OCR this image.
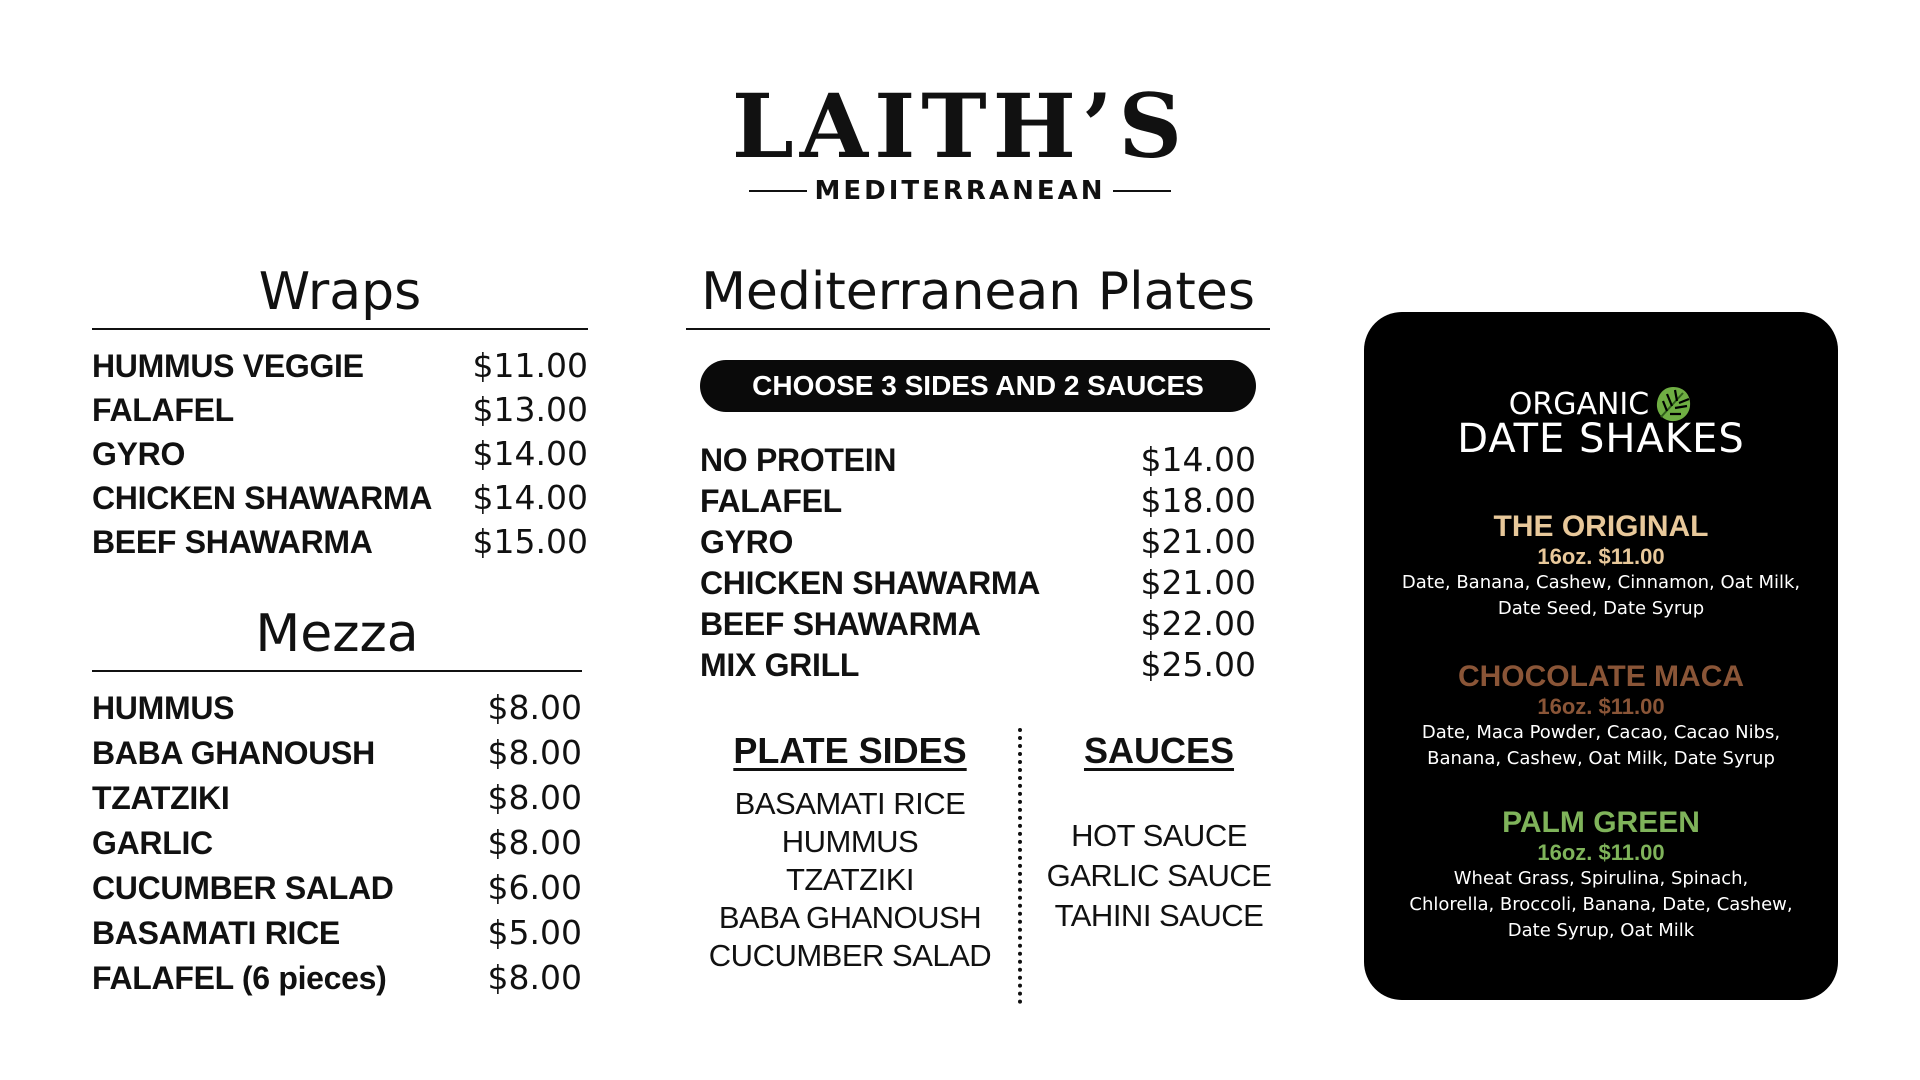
LAITH’S
MEDITERRANEAN
Wraps
HUMMUS VEGGIE	$11.00
FALAFEL	$13.00
GYRO	$14.00
CHICKEN SHAWARMA $14.00
BEEF SHAWARMA	$15.00
Mezza
HUMMUS	$8.00
BABA GHANOUSH	$8.00
TZATZIKI	$8.00
GARLIC	$8.00
CUCUMBER SALAD	$6.00
BASAMATI RICE	$5.00
FALAFEL (6 pieces)	$8.00
Mediterranean Plates
CHOOSE 3 SIDES AND 2 SAUCES
NO PROTEIN	$14.00
FALAFEL	$18.00
GYRO	$21.00
CHICKEN SHAWARMA	$21.00
BEEF SHAWARMA	$22.00
MIX GRILL	$25.00
PLATE SIDES
BASAMATI RICE
HUMMUS
TZATZIKI
BABA GHANOUSH
CUCUMBER SALAD
SAUCES
HOT SAUCE
GARLIC SAUCE
TAHINI SAUCE
ORGANIC
DATE SHAKES
THE ORIGINAL
16oz. $11.00
Date, Banana, Cashew, Cinnamon, Oat Milk,
Date Seed, Date Syrup
CHOCOLATE MACA
16oz. $11.00
Date, Maca Powder, Cacao, Cacao Nibs,
Banana, Cashew, Oat Milk, Date Syrup
PALM GREEN
16oz. $11.00
Wheat Grass, Spirulina, Spinach,
Chlorella, Broccoli, Banana, Date, Cashew,
Date Syrup, Oat Milk
